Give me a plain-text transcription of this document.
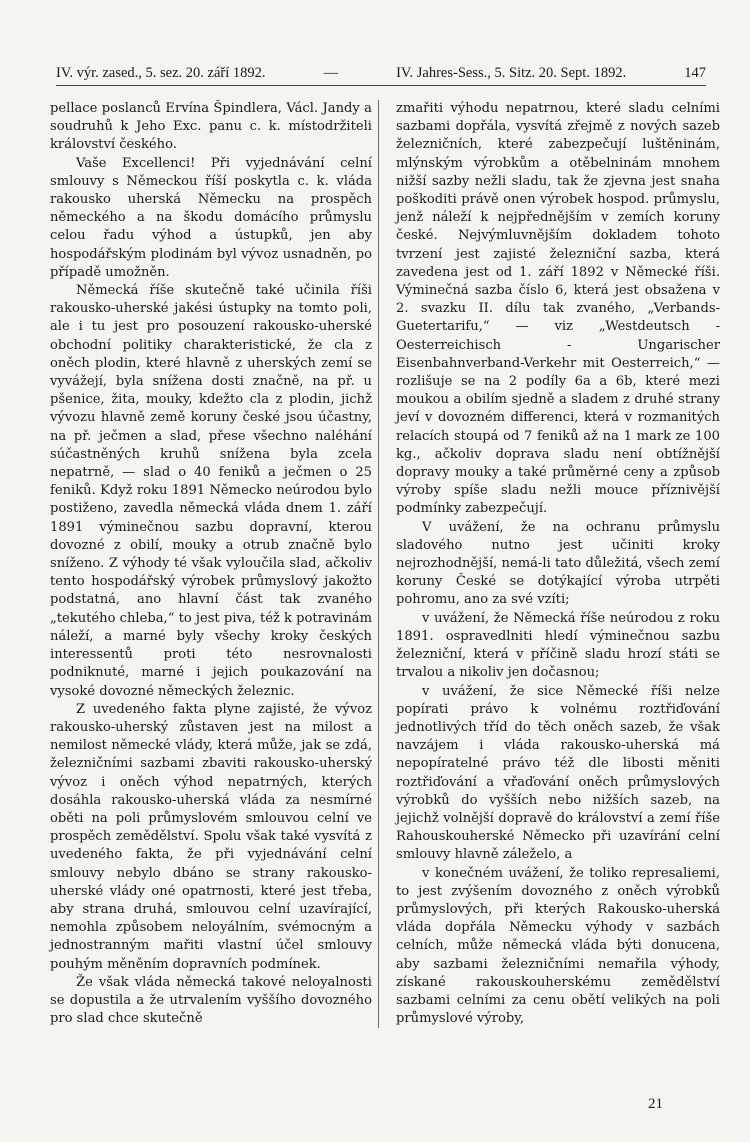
IV. výr. zased., 5. sez. 20. září 1892.	—	IV. Jahres-Sess., 5. Sitz. 20. Sept. 1892.	147

pellace poslanců Ervína Špindlera, Václ. Jandy a soudruhů k Jeho Exc. panu c. k. místodržiteli království českého.

Vaše Excellenci! Při vyjednávání celní smlouvy s Německou říší poskytla c. k. vláda rakousko uherská Německu na prospěch německého a na škodu domácího průmyslu celou řadu výhod a ústupků, jen aby hospodářským plodinám byl vývoz usnadněn, po případě umožněn.

Německá říše skutečně také učinila říši rakousko-uherské jakési ústupky na tomto poli, ale i tu jest pro posouzení rakousko-uherské obchodní politiky charakteristické, že cla z oněch plodin, které hlavně z uherských zemí se vyvážejí, byla snížena dosti značně, na př. u pšenice, žita, mouky, kdežto cla z plodin, jichž vývozu hlavně země koruny české jsou účastny, na př. ječmen a slad, přese všechno naléhání súčastněných kruhů snížena byla zcela nepatrně, — slad o 40 feniků a ječmen o 25 feniků. Když roku 1891 Německo neúrodou bylo postiženo, zavedla německá vláda dnem 1. září 1891 výminečnou sazbu dopravní, kterou dovozné z obilí, mouky a otrub značně bylo sníženo. Z výhody té však vyloučila slad, ačkoliv tento hospodářský výrobek průmyslový jakožto podstatná, ano hlavní část tak zvaného „tekutého chleba,“ to jest piva, též k potravinám náleží, a marné byly všechy kroky českých interessentů proti této nesrovnalosti podniknuté, marné i jejich poukazování na vysoké dovozné německých železnic.

Z uvedeného fakta plyne zajisté, že vývoz rakousko-uherský zůstaven jest na milost a nemilost německé vlády, která může, jak se zdá, železničními sazbami zbaviti rakousko-uherský vývoz i oněch výhod nepatrných, kterých dosáhla rakousko-uherská vláda za nesmírné oběti na poli průmyslovém smlouvou celní ve prospěch zemědělství. Spolu však také vysvítá z uvedeného fakta, že při vyjednávání celní smlouvy nebylo dbáno se strany rakousko-uherské vlády oné opatrnosti, které jest třeba, aby strana druhá, smlouvou celní uzavírající, nemohla způsobem neloyálním, svémocným a jednostranným mařiti vlastní účel smlouvy pouhým měněním dopravních podmínek.

Že však vláda německá takové neloyalnosti se dopustila a že utrvalením vyššího dovozného pro slad chce skutečně

zmařiti výhodu nepatrnou, které sladu celními sazbami dopřála, vysvítá zřejmě z nových sazeb železničních, které zabezpečují luštěninám, mlýnským výrobkům a otěbelninám mnohem nižší sazby nežli sladu, tak že zjevna jest snaha poškoditi právě onen výrobek hospod. průmyslu, jenž náleží k nejpřednějším v zemích koruny české. Nejvýmluvnějším dokladem tohoto tvrzení jest zajisté železniční sazba, která zavedena jest od 1. září 1892 v Německé říši. Výminečná sazba číslo 6, která jest obsažena v 2. svazku II. dílu tak zvaného, „Verbands-Guetertarifu,“ — viz „Westdeutsch - Oesterreichisch - Ungarischer Eisenbahnverband-Verkehr mit Oesterreich,“ — rozlišuje se na 2 podíly 6a a 6b, které mezi moukou a obilím sjedně a sladem z druhé strany jeví v dovozném differenci, která v rozmanitých relacích stoupá od 7 feniků až na 1 mark ze 100 kg., ačkoliv doprava sladu není obtížnější dopravy mouky a také průměrné ceny a způsob výroby spíše sladu nežli mouce příznivější podmínky zabezpečují.

V uvážení, že na ochranu průmyslu sladového nutno jest učiniti kroky nejrozhodnější, nemá-li tato důležitá, všech zemí koruny České se dotýkající výroba utrpěti pohromu, ano za své vzíti;

v uvážení, že Německá říše neúrodou z roku 1891. ospravedlniti hledí výminečnou sazbu železniční, která v příčině sladu hrozí státi se trvalou a nikoliv jen dočasnou;

v uvážení, že sice Německé říši nelze popírati právo k volnému roztřiďování jednotlivých tříd do těch oněch sazeb, že však navzájem i vláda rakousko-uherská má nepopíratelné právo též dle libosti měniti roztřiďování a vřaďování oněch průmyslových výrobků do vyšších nebo nižších sazeb, na jejichž volnější dopravě do království a zemí říše Rahouskouherské Německo při uzavírání celní smlouvy hlavně záleželo, a

v konečném uvážení, že toliko represaliemi, to jest zvýšením dovozného z oněch výrobků průmyslových, při kterých Rakousko-uherská vláda dopřála Německu výhody v sazbách celních, může německá vláda býti donucena, aby sazbami železničními nemařila výhody, získané rakouskouherskému zemědělství sazbami celními za cenu obětí velikých na poli průmyslové výroby,

21
